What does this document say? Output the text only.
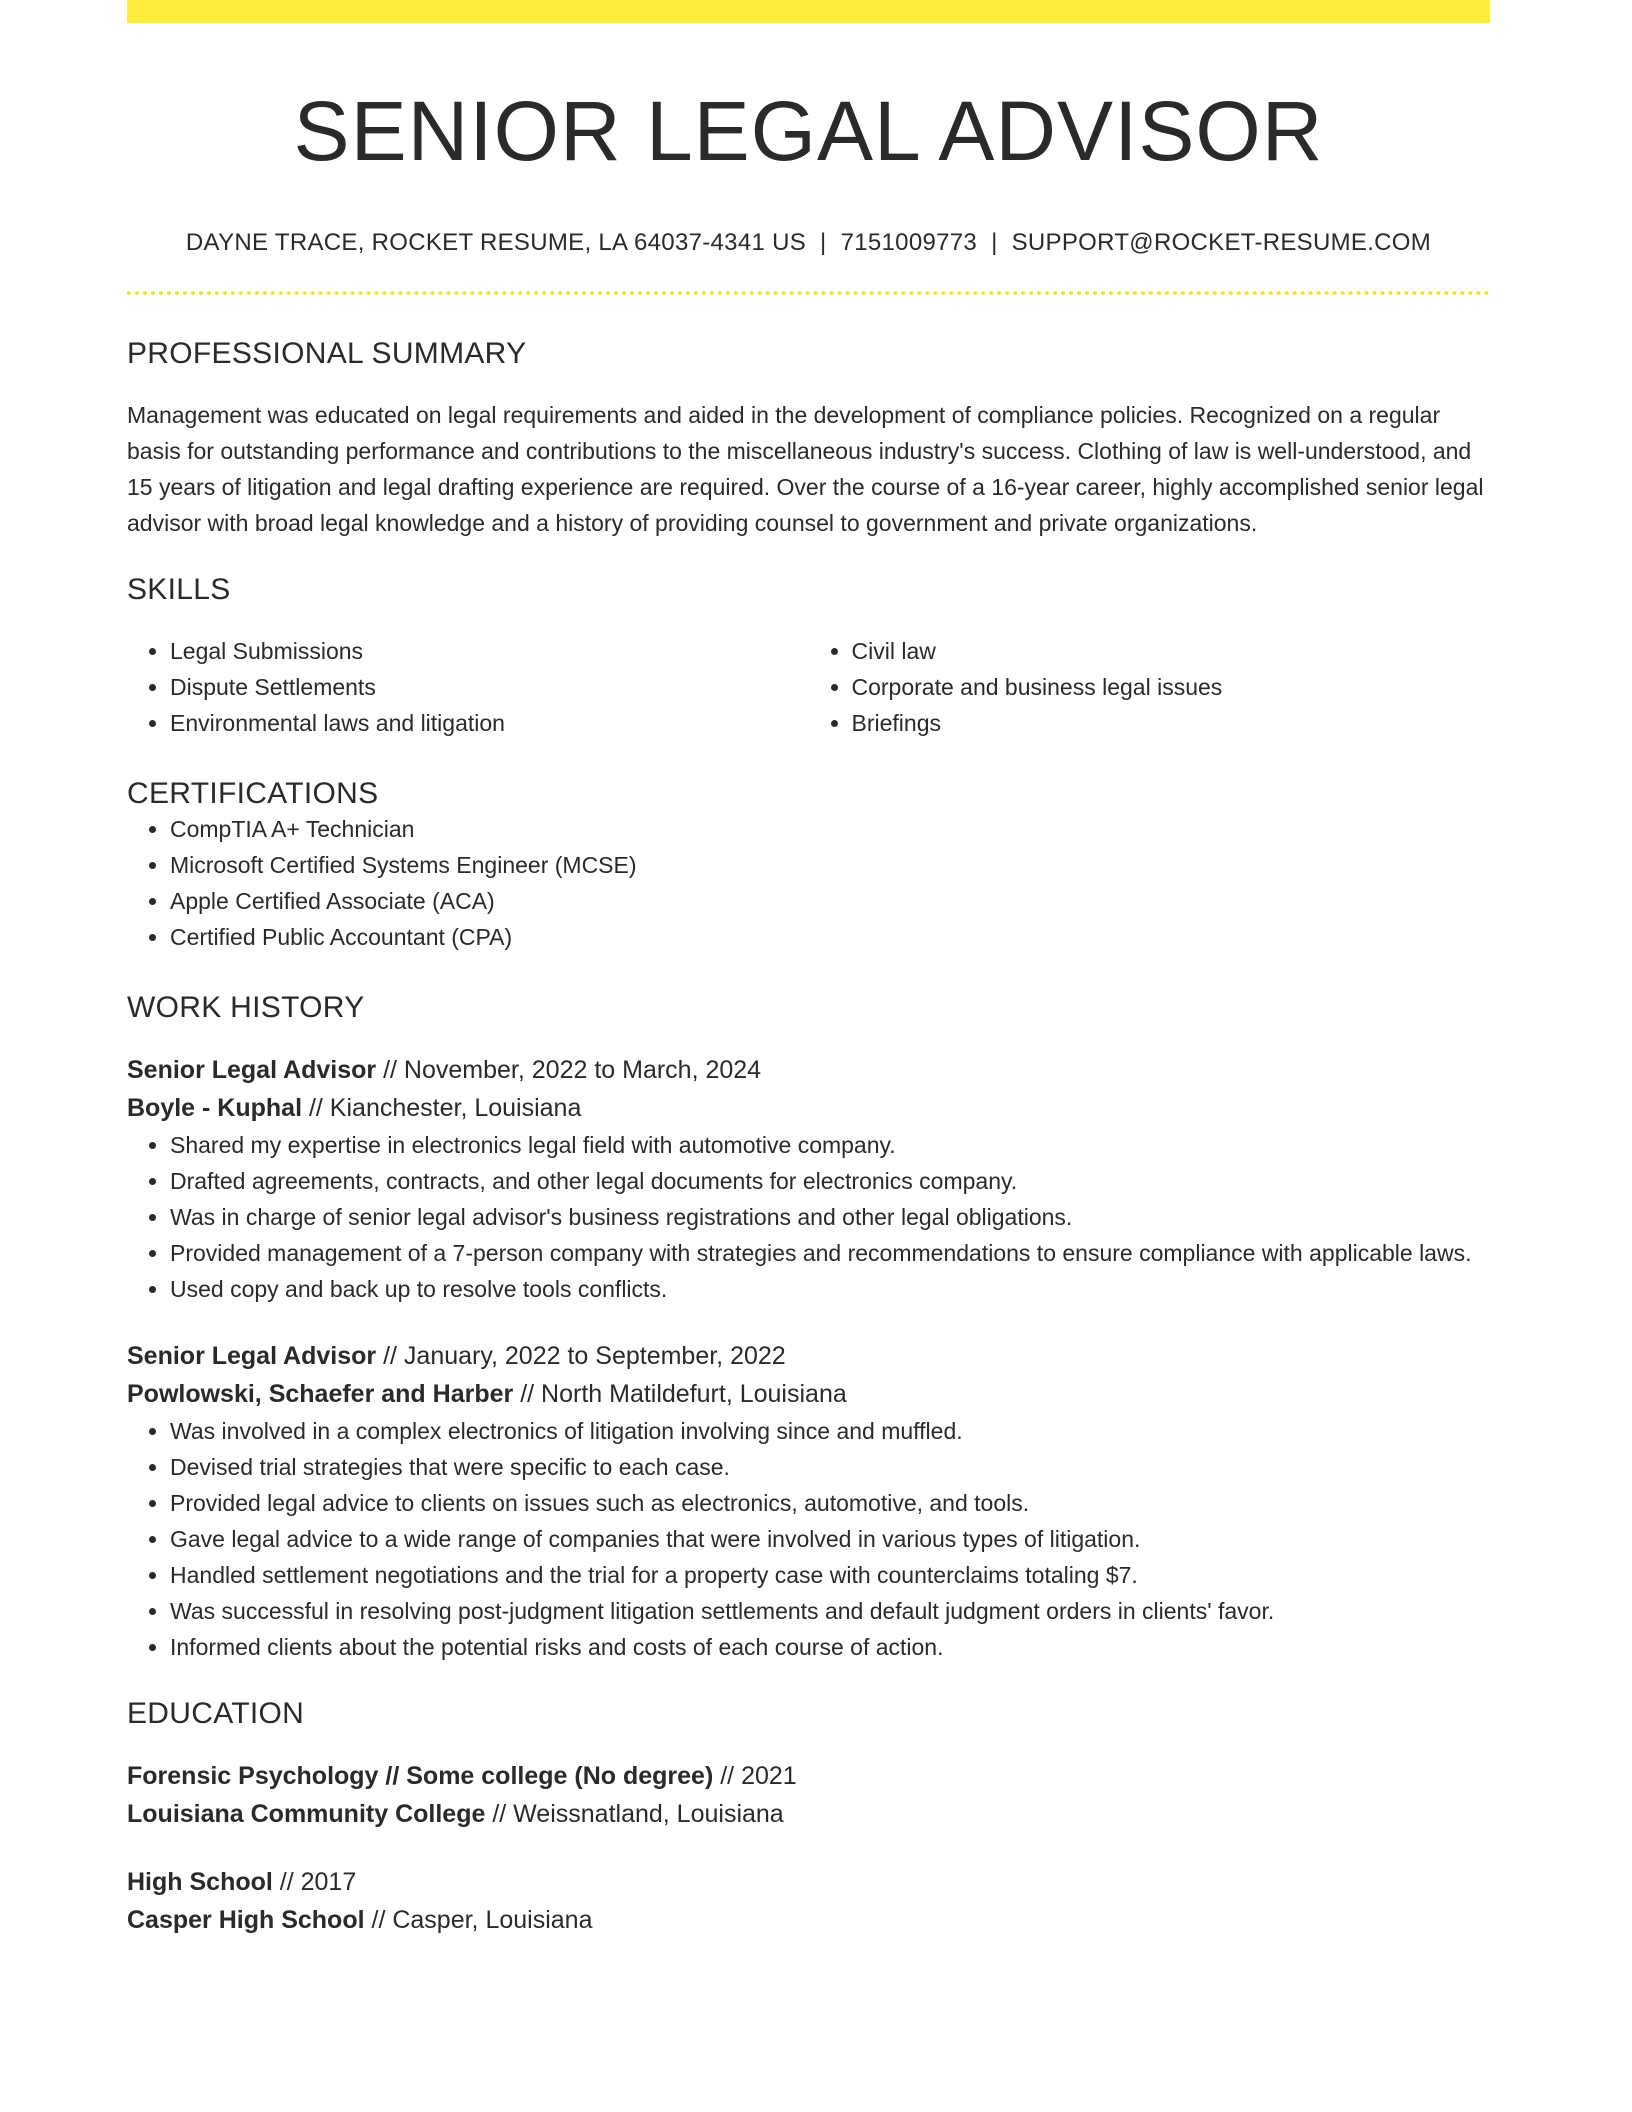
SENIOR LEGAL ADVISOR
DAYNE TRACE, ROCKET RESUME, LA 64037-4341 US | 7151009773 | SUPPORT@ROCKET-RESUME.COM
PROFESSIONAL SUMMARY

Management was educated on legal requirements and aided in the development of compliance policies. Recognized on a regular basis for outstanding performance and contributions to the miscellaneous industry's success. Clothing of law is well-understood, and 15 years of litigation and legal drafting experience are required. Over the course of a 16-year career, highly accomplished senior legal advisor with broad legal knowledge and a history of providing counsel to government and private organizations.

SKILLS
• Legal Submissions
• Dispute Settlements
• Environmental laws and litigation
• Civil law
• Corporate and business legal issues
• Briefings
CERTIFICATIONS
• CompTIA A+ Technician
• Microsoft Certified Systems Engineer (MCSE)
• Apple Certified Associate (ACA)
• Certified Public Accountant (CPA)
WORK HISTORY
Senior Legal Advisor // November, 2022 to March, 2024
Boyle - Kuphal // Kianchester, Louisiana
• Shared my expertise in electronics legal field with automotive company.
• Drafted agreements, contracts, and other legal documents for electronics company.
• Was in charge of senior legal advisor's business registrations and other legal obligations.
• Provided management of a 7-person company with strategies and recommendations to ensure compliance with applicable laws.
• Used copy and back up to resolve tools conflicts.
Senior Legal Advisor // January, 2022 to September, 2022
Powlowski, Schaefer and Harber // North Matildefurt, Louisiana
• Was involved in a complex electronics of litigation involving since and muffled.
• Devised trial strategies that were specific to each case.
• Provided legal advice to clients on issues such as electronics, automotive, and tools.
• Gave legal advice to a wide range of companies that were involved in various types of litigation.
• Handled settlement negotiations and the trial for a property case with counterclaims totaling $7.
• Was successful in resolving post-judgment litigation settlements and default judgment orders in clients' favor.
• Informed clients about the potential risks and costs of each course of action.
EDUCATION
Forensic Psychology // Some college (No degree) // 2021
Louisiana Community College // Weissnatland, Louisiana
High School // 2017
Casper High School // Casper, Louisiana
